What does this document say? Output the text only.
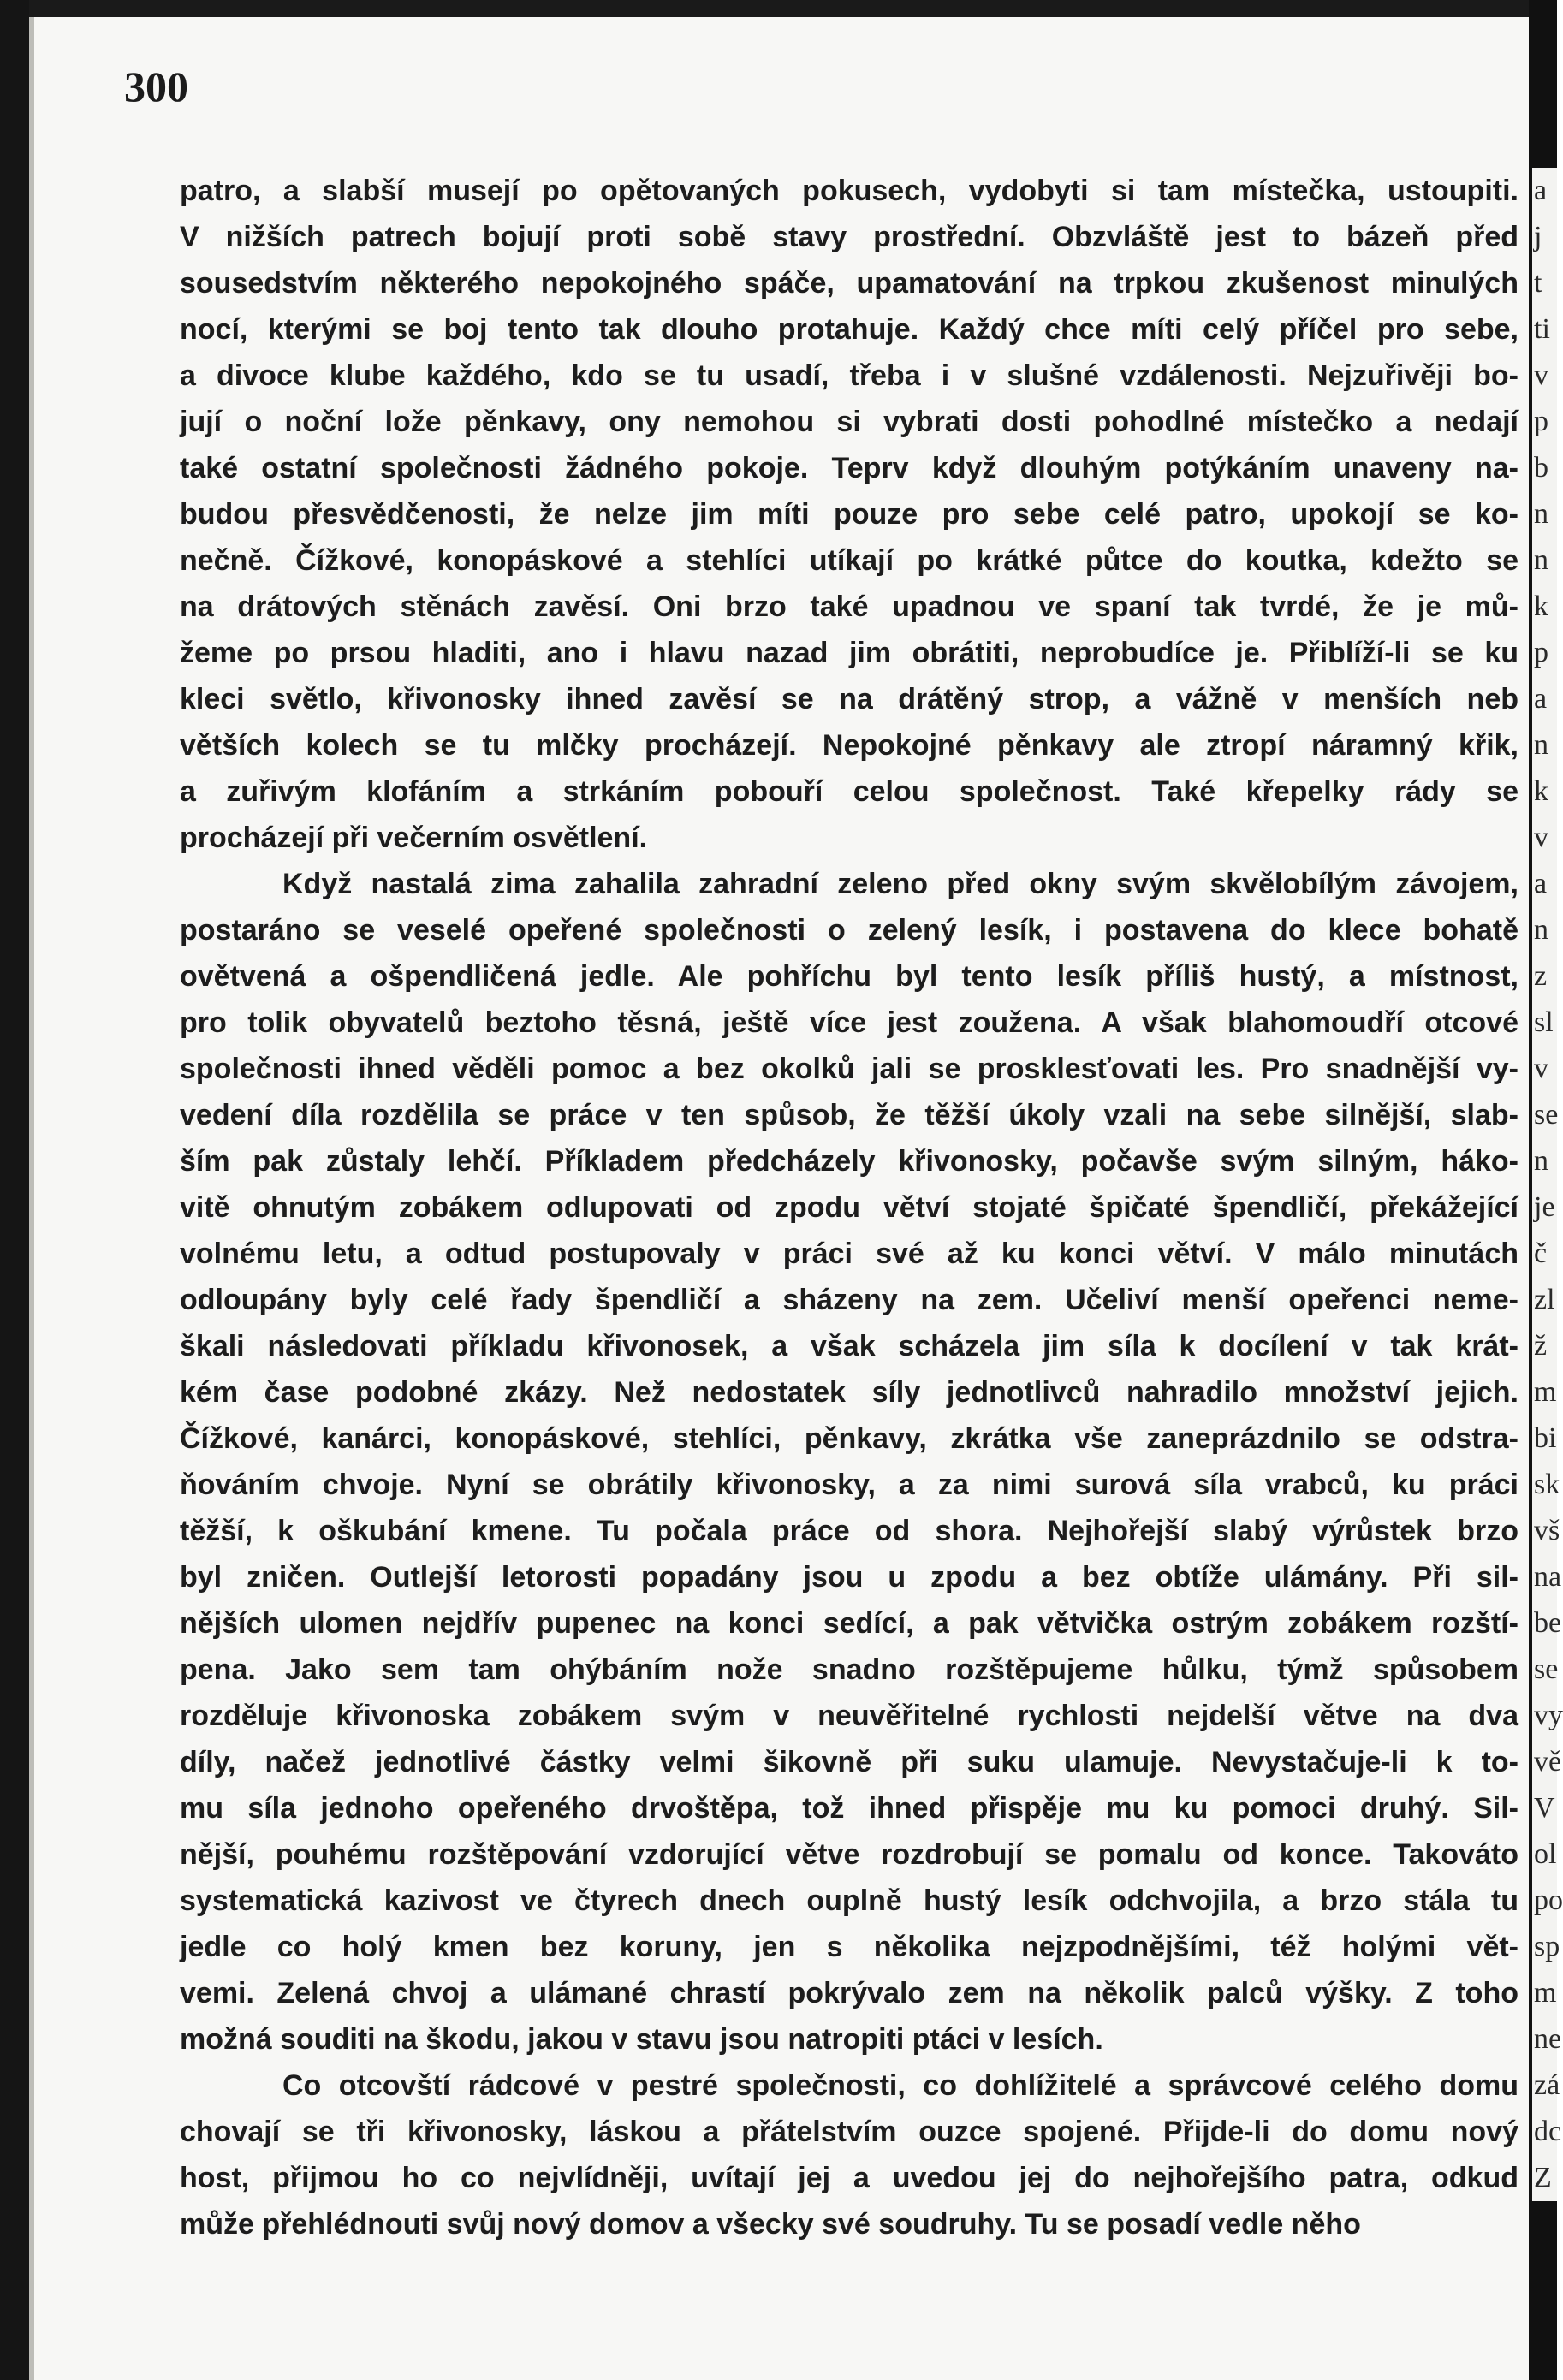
300
patro, a slabší musejí po opětovaných pokusech, vydobyti si tam místečka, ustoupiti.
V nižších patrech bojují proti sobě stavy prostřední. Obzvláště jest to bázeň před
sousedstvím některého nepokojného spáče, upamatování na trpkou zkušenost minulých
nocí, kterými se boj tento tak dlouho protahuje. Každý chce míti celý příčel pro sebe,
a divoce klube každého, kdo se tu usadí, třeba i v slušné vzdálenosti. Nejzuřivěji bo-
jují o noční lože pěnkavy, ony nemohou si vybrati dosti pohodlné místečko a nedají
také ostatní společnosti žádného pokoje. Teprv když dlouhým potýkáním unaveny na-
budou přesvědčenosti, že nelze jim míti pouze pro sebe celé patro, upokojí se ko-
nečně. Čížkové, konopáskové a stehlíci utíkají po krátké půtce do koutka, kdežto se
na drátových stěnách zavěsí. Oni brzo také upadnou ve spaní tak tvrdé, že je mů-
žeme po prsou hladiti, ano i hlavu nazad jim obrátiti, neprobudíce je. Přiblíží-li se ku
kleci světlo, křivonosky ihned zavěsí se na drátěný strop, a vážně v menších neb
větších kolech se tu mlčky procházejí. Nepokojné pěnkavy ale ztropí náramný křik,
a zuřivým klofáním a strkáním pobouří celou společnost. Také křepelky rády se
procházejí při večerním osvětlení.
Když nastalá zima zahalila zahradní zeleno před okny svým skvělobílým závojem,
postaráno se veselé opeřené společnosti o zelený lesík, i postavena do klece bohatě
ovětvená a ošpendličená jedle. Ale pohříchu byl tento lesík příliš hustý, a místnost,
pro tolik obyvatelů beztoho těsná, ještě více jest zoužena. A však blahomoudří otcové
společnosti ihned věděli pomoc a bez okolků jali se prosklesťovati les. Pro snadnější vy-
vedení díla rozdělila se práce v ten spůsob, že těžší úkoly vzali na sebe silnější, slab-
ším pak zůstaly lehčí. Příkladem předcházely křivonosky, počavše svým silným, háko-
vitě ohnutým zobákem odlupovati od zpodu větví stojaté špičaté špendličí, překážející
volnému letu, a odtud postupovaly v práci své až ku konci větví. V málo minutách
odloupány byly celé řady špendličí a sházeny na zem. Učeliví menší opeřenci neme-
škali následovati příkladu křivonosek, a však scházela jim síla k docílení v tak krát-
kém čase podobné zkázy. Než nedostatek síly jednotlivců nahradilo množství jejich.
Čížkové, kanárci, konopáskové, stehlíci, pěnkavy, zkrátka vše zaneprázdnilo se odstra-
ňováním chvoje. Nyní se obrátily křivonosky, a za nimi surová síla vrabců, ku práci
těžší, k oškubání kmene. Tu počala práce od shora. Nejhořejší slabý výrůstek brzo
byl zničen. Outlejší letorosti popadány jsou u zpodu a bez obtíže ulámány. Při sil-
nějších ulomen nejdřív pupenec na konci sedící, a pak větvička ostrým zobákem rozští-
pena. Jako sem tam ohýbáním nože snadno rozštěpujeme hůlku, týmž spůsobem
rozděluje křivonoska zobákem svým v neuvěřitelné rychlosti nejdelší větve na dva
díly, načež jednotlivé částky velmi šikovně při suku ulamuje. Nevystačuje-li k to-
mu síla jednoho opeřeného drvoštěpa, tož ihned přispěje mu ku pomoci druhý. Sil-
nější, pouhému rozštěpování vzdorující větve rozdrobují se pomalu od konce. Takováto
systematická kazivost ve čtyrech dnech ouplně hustý lesík odchvojila, a brzo stála tu
jedle co holý kmen bez koruny, jen s několika nejzpodnějšími, též holými vět-
vemi. Zelená chvoj a ulámané chrastí pokrývalo zem na několik palců výšky. Z toho
možná souditi na škodu, jakou v stavu jsou natropiti ptáci v lesích.
Co otcovští rádcové v pestré společnosti, co dohlížitelé a správcové celého domu
chovají se tři křivonosky, láskou a přátelstvím ouzce spojené. Přijde-li do domu nový
host, přijmou ho co nejvlídněji, uvítají jej a uvedou jej do nejhořejšího patra, odkud
může přehlédnouti svůj nový domov a všecky své soudruhy. Tu se posadí vedle něho
a
j
t
ti
v
p
b
n
n
k
p
a
n
k
v
a
n
z
sl
v
se
n
je
č
zl
ž
m
bi
sk
vš
na
be
se
vy
vě
V
ol
po
sp
m
ne
zá
dc
Z
